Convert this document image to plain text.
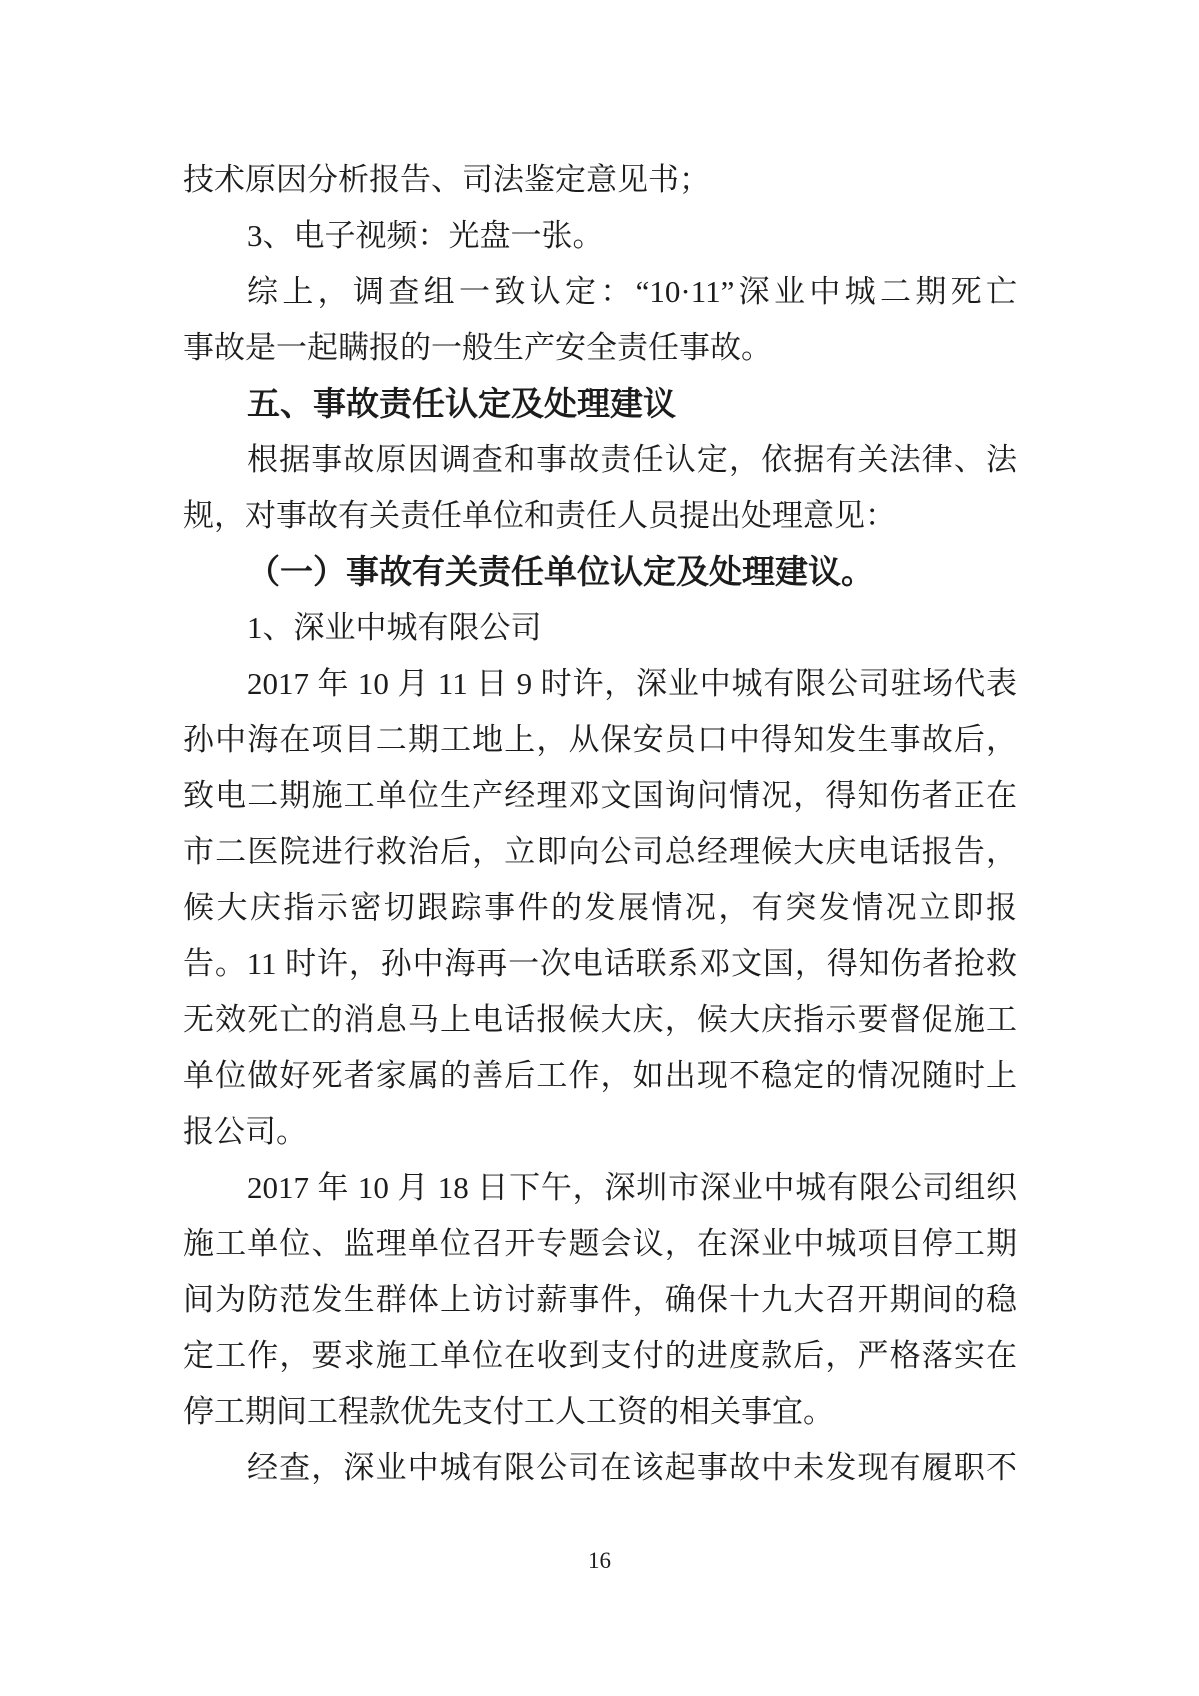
技术原因分析报告、司法鉴定意见书；
3、电子视频：光盘一张。
综上，调查组一致认定：“10·11”深业中城二期死亡
事故是一起瞒报的一般生产安全责任事故。
五、事故责任认定及处理建议
根据事故原因调查和事故责任认定，依据有关法律、法
规，对事故有关责任单位和责任人员提出处理意见：
（一）事故有关责任单位认定及处理建议。
1、深业中城有限公司
2017 年 10 月 11 日 9 时许，深业中城有限公司驻场代表
孙中海在项目二期工地上，从保安员口中得知发生事故后，
致电二期施工单位生产经理邓文国询问情况，得知伤者正在
市二医院进行救治后，立即向公司总经理候大庆电话报告，
候大庆指示密切跟踪事件的发展情况，有突发情况立即报
告。11 时许，孙中海再一次电话联系邓文国，得知伤者抢救
无效死亡的消息马上电话报候大庆，候大庆指示要督促施工
单位做好死者家属的善后工作，如出现不稳定的情况随时上
报公司。
2017 年 10 月 18 日下午，深圳市深业中城有限公司组织
施工单位、监理单位召开专题会议，在深业中城项目停工期
间为防范发生群体上访讨薪事件，确保十九大召开期间的稳
定工作，要求施工单位在收到支付的进度款后，严格落实在
停工期间工程款优先支付工人工资的相关事宜。
经查，深业中城有限公司在该起事故中未发现有履职不
16
